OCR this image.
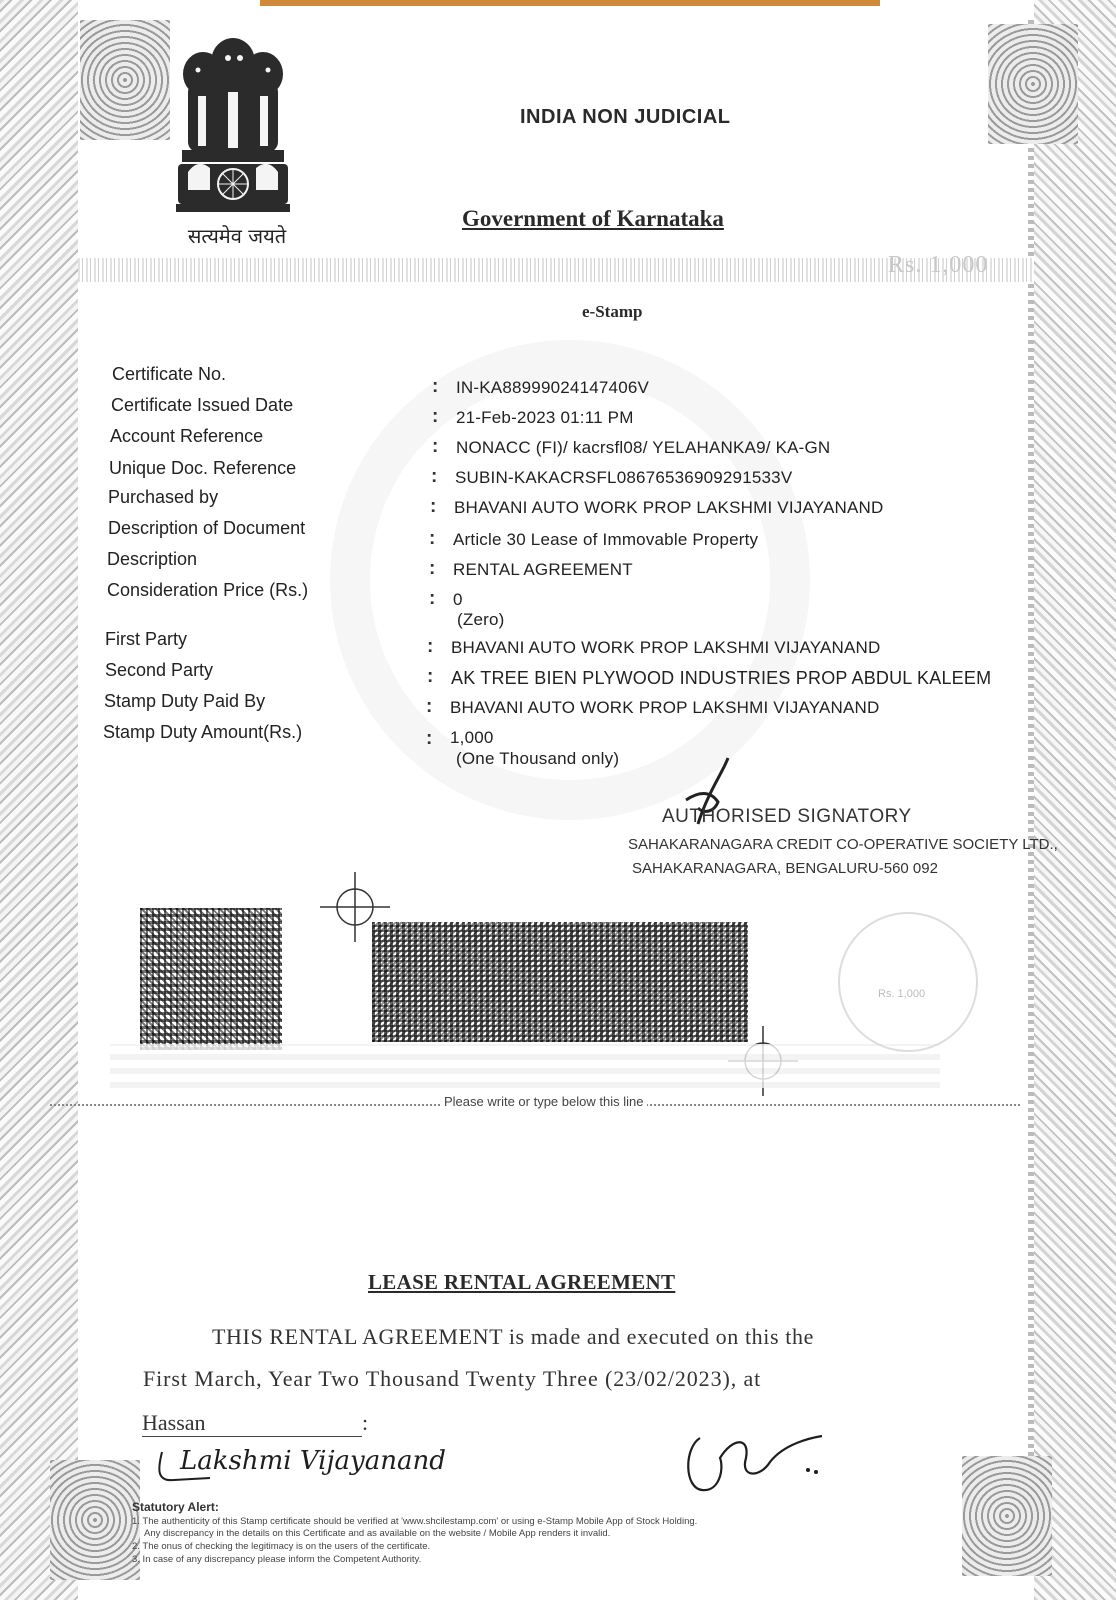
सत्यमेव जयते
INDIA NON JUDICIAL
Government of Karnataka
Rs. 1,000
e-Stamp
Certificate No.
: IN-KA88999024147406V
Certificate Issued Date
: 21-Feb-2023 01:11 PM
Account Reference	: NONACC (FI)/ kacrsfl08/ YELAHANKA9/ KA-GN
Unique Doc. Reference	: SUBIN-KAKACRSFL08676536909291533V
Purchased by	: BHAVANI AUTO WORK PROP LAKSHMI VIJAYANAND
Description of Document	: Article 30 Lease of Immovable Property
Description	: RENTAL AGREEMENT
Consideration Price (Rs.)	: 0
(Zero)
First Party	: BHAVANI AUTO WORK PROP LAKSHMI VIJAYANAND
Second Party	: AK TREE BIEN PLYWOOD INDUSTRIES PROP ABDUL KALEEM
Stamp Duty Paid By	: BHAVANI AUTO WORK PROP LAKSHMI VIJAYANAND
Stamp Duty Amount(Rs.)	: 1,000
(One Thousand only)
AUTHORISED SIGNATORY
SAHAKARANAGARA CREDIT CO-OPERATIVE SOCIETY LTD.,
SAHAKARANAGARA, BENGALURU-560 092
Rs. 1,000
Please write or type below this line
LEASE RENTAL AGREEMENT
THIS RENTAL AGREEMENT is made and executed on this the
First March, Year Two Thousand Twenty Three (23/02/2023), at
Hassan	:
Lakshmi Vijayanand
Statutory Alert:
1. The authenticity of this Stamp certificate should be verified at 'www.shcilestamp.com' or using e-Stamp Mobile App of Stock Holding.
Any discrepancy in the details on this Certificate and as available on the website / Mobile App renders it invalid.
2. The onus of checking the legitimacy is on the users of the certificate.
3. In case of any discrepancy please inform the Competent Authority.
